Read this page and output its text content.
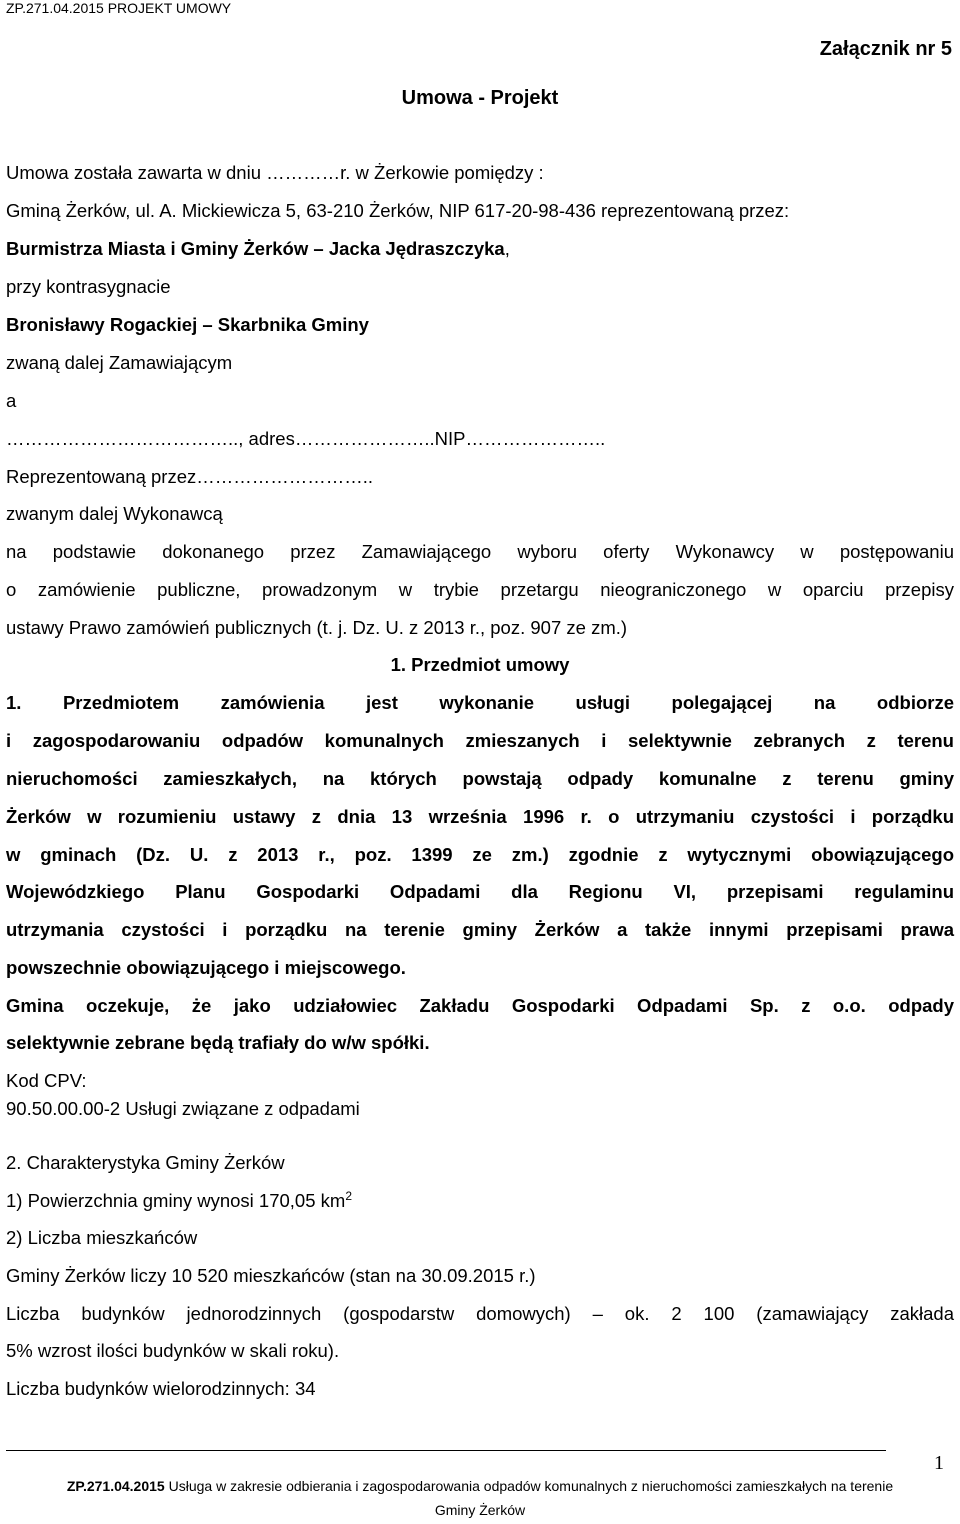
ZP.271.04.2015 PROJEKT UMOWY
Załącznik nr 5
Umowa - Projekt
Umowa została zawarta w dniu …………r. w Żerkowie pomiędzy :
Gminą Żerków, ul. A. Mickiewicza 5, 63-210 Żerków, NIP 617-20-98-436 reprezentowaną przez:
Burmistrza Miasta i Gminy Żerków – Jacka Jędraszczyka,
przy kontrasygnacie
Bronisławy Rogackiej – Skarbnika Gminy
zwaną dalej Zamawiającym
a
……………………………….., adres…………………..NIP…………………..
Reprezentowaną przez………………………..
zwanym dalej Wykonawcą
na podstawie dokonanego przez Zamawiającego wyboru oferty Wykonawcy w postępowaniu
o zamówienie publiczne, prowadzonym w trybie przetargu nieograniczonego w oparciu przepisy
ustawy Prawo zamówień publicznych (t. j. Dz. U. z 2013 r., poz. 907 ze zm.)
1. Przedmiot umowy
1. Przedmiotem zamówienia jest wykonanie usługi polegającej na odbiorze
i zagospodarowaniu odpadów komunalnych zmieszanych i selektywnie zebranych z terenu
nieruchomości zamieszkałych, na których powstają odpady komunalne z terenu gminy
Żerków w rozumieniu ustawy z dnia 13 września 1996 r. o utrzymaniu czystości i porządku
w gminach (Dz. U. z 2013 r., poz. 1399 ze zm.) zgodnie z wytycznymi obowiązującego
Wojewódzkiego Planu Gospodarki Odpadami dla Regionu VI, przepisami regulaminu
utrzymania czystości i porządku na terenie gminy Żerków a także innymi przepisami prawa
powszechnie obowiązującego i miejscowego.
Gmina oczekuje, że jako udziałowiec Zakładu Gospodarki Odpadami Sp. z o.o. odpady
selektywnie zebrane będą trafiały do w/w spółki.
Kod CPV:
90.50.00.00-2 Usługi związane z odpadami
2. Charakterystyka Gminy Żerków
1) Powierzchnia gminy wynosi 170,05 $km^2$
2) Liczba mieszkańców
Gminy Żerków liczy 10 520 mieszkańców (stan na 30.09.2015 r.)
Liczba budynków jednorodzinnych (gospodarstw domowych) – ok. 2 100 (zamawiający zakłada
5% wzrost ilości budynków w skali roku).
Liczba budynków wielorodzinnych: 34
1
ZP.271.04.2015 Usługa w zakresie odbierania i zagospodarowania odpadów komunalnych z nieruchomości zamieszkałych na terenie
Gminy Żerków
